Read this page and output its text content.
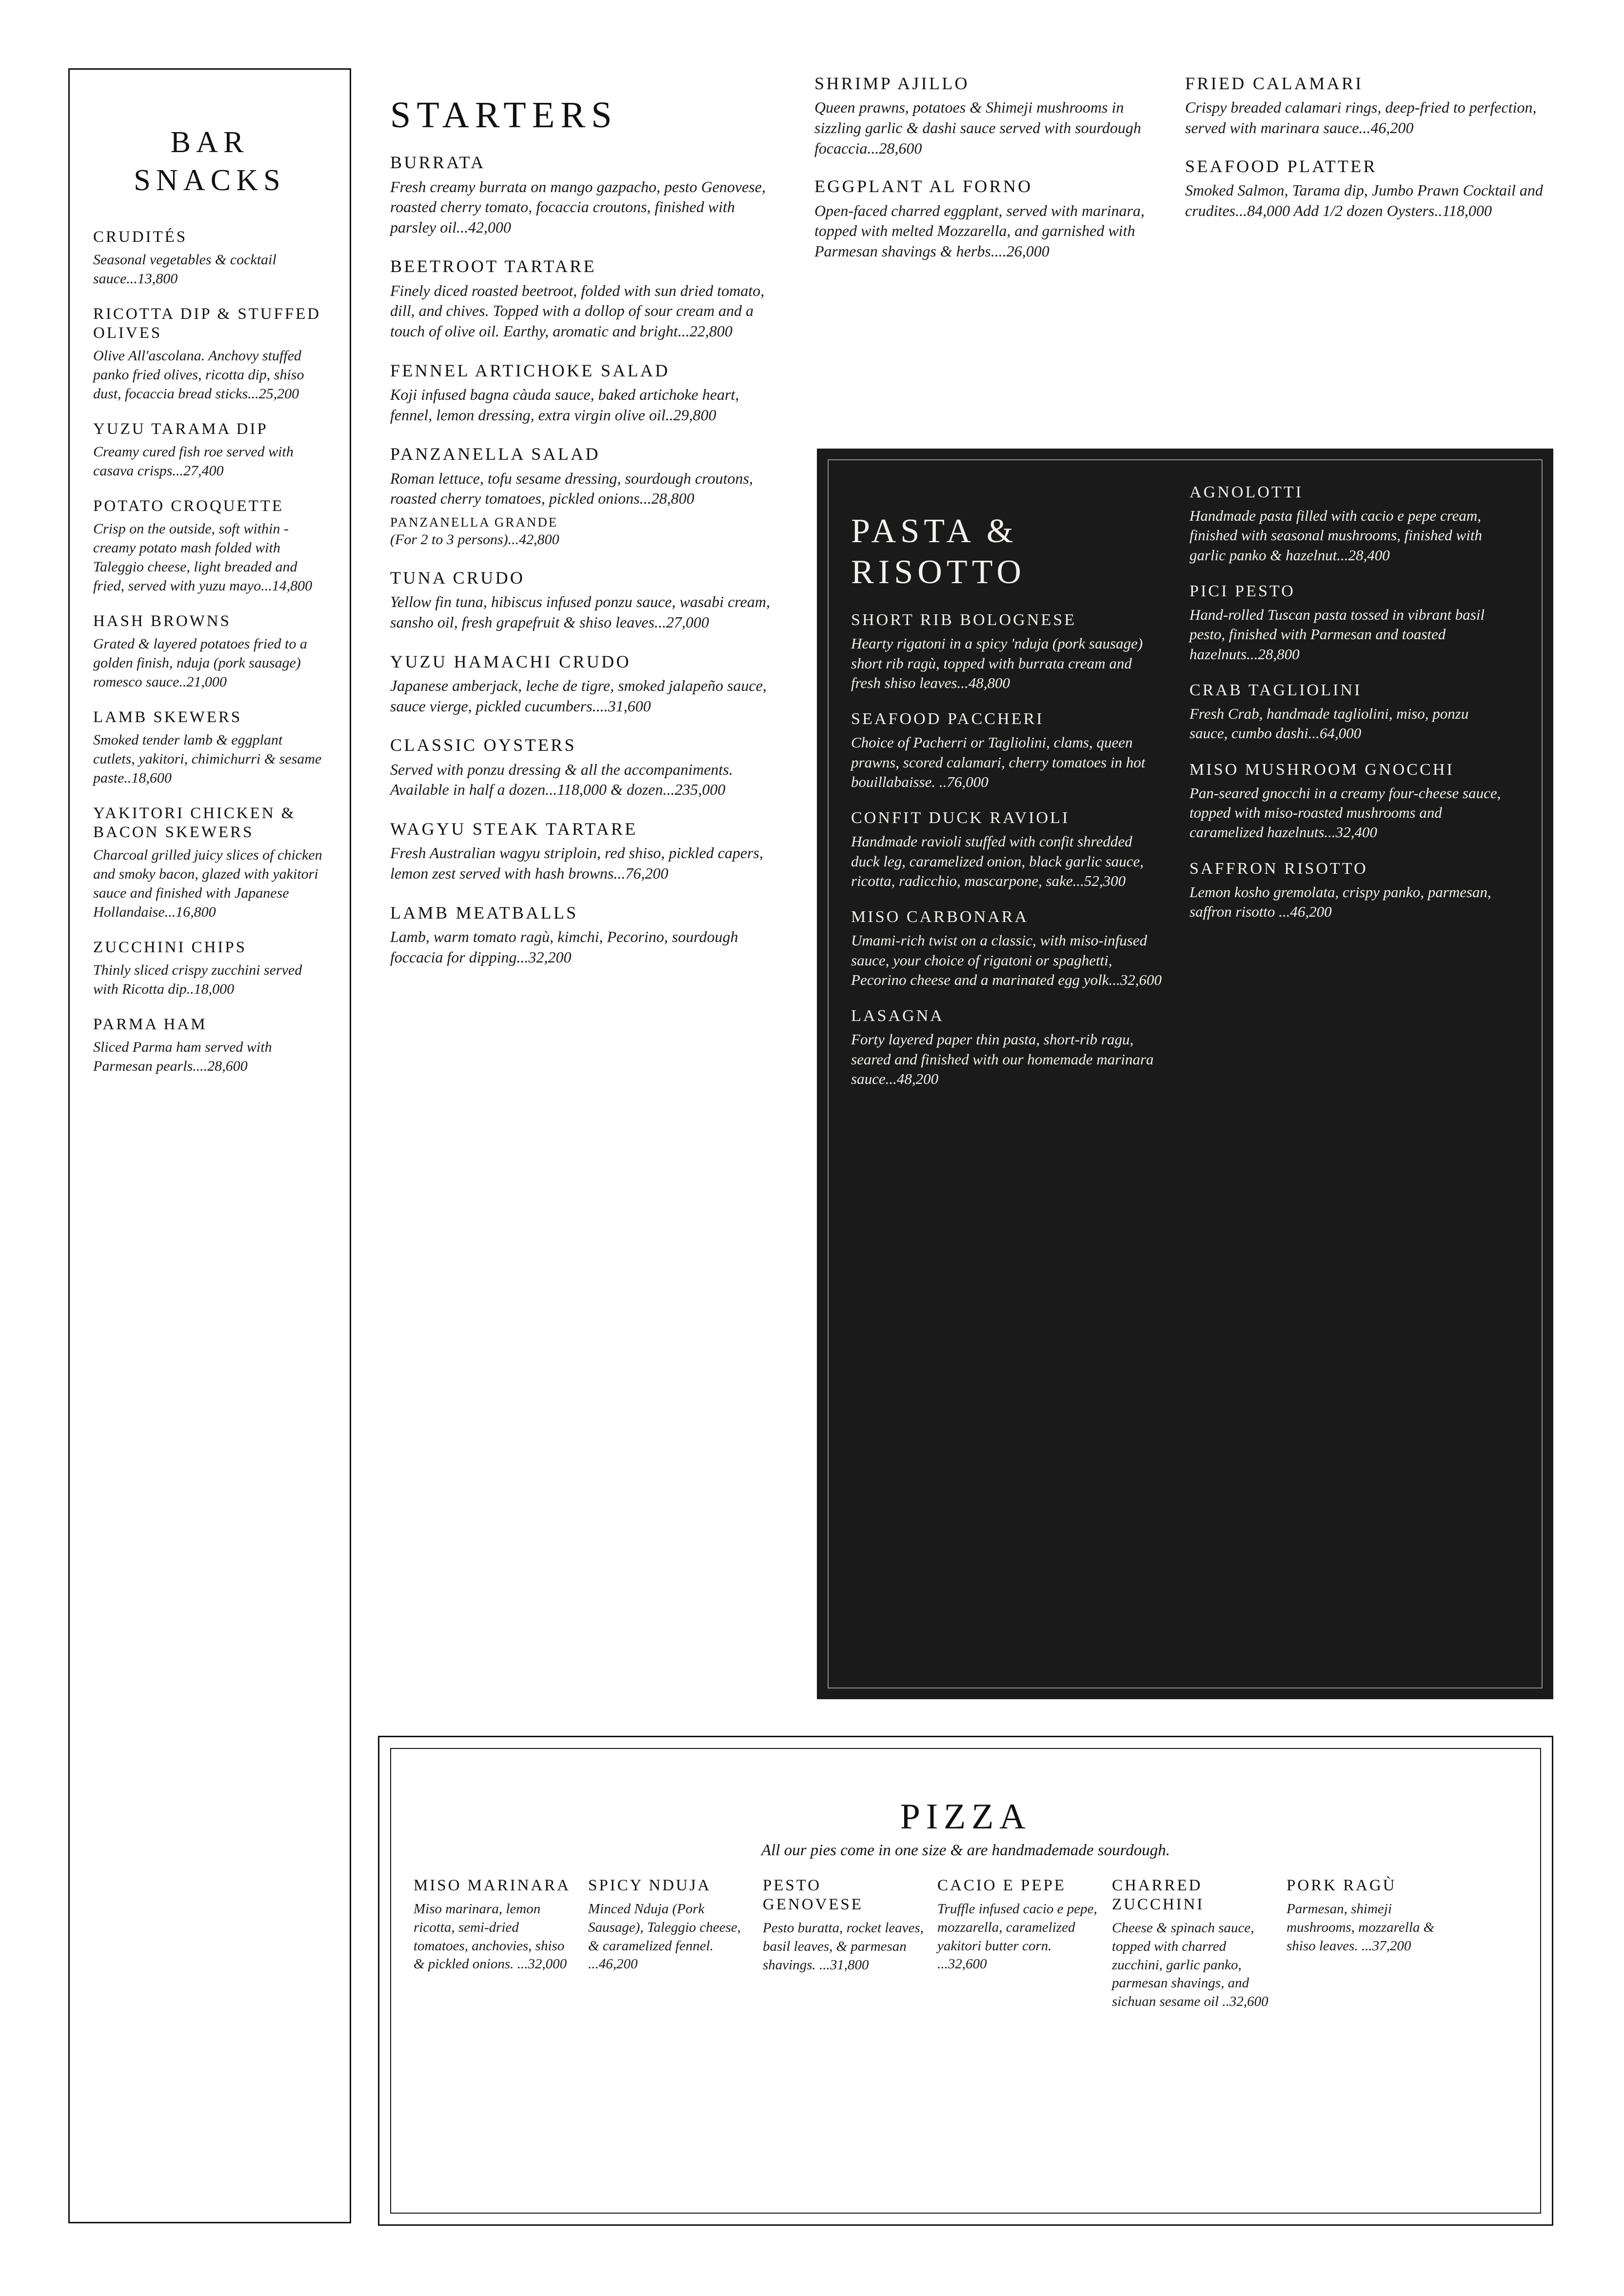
BAR SNACKS
CRUDITÉS
Seasonal vegetables & cocktail sauce...13,800
RICOTTA DIP & STUFFED OLIVES
Olive All'ascolana. Anchovy stuffed panko fried olives, ricotta dip, shiso dust, focaccia bread sticks...25,200
YUZU TARAMA DIP
Creamy cured fish roe served with casava crisps...27,400
POTATO CROQUETTE
Crisp on the outside, soft within - creamy potato mash folded with Taleggio cheese, light breaded and fried, served with yuzu mayo...14,800
HASH BROWNS
Grated & layered potatoes fried to a golden finish, nduja (pork sausage) romesco sauce..21,000
LAMB SKEWERS
Smoked tender lamb & eggplant cutlets, yakitori, chimichurri & sesame paste..18,600
YAKITORI CHICKEN & BACON SKEWERS
Charcoal grilled juicy slices of chicken and smoky bacon, glazed with yakitori sauce and finished with Japanese Hollandaise...16,800
ZUCCHINI CHIPS
Thinly sliced crispy zucchini served with Ricotta dip..18,000
PARMA HAM
Sliced Parma ham served with Parmesan pearls....28,600
STARTERS
BURRATA
Fresh creamy burrata on mango gazpacho, pesto Genovese, roasted cherry tomato, focaccia croutons, finished with parsley oil...42,000
BEETROOT TARTARE
Finely diced roasted beetroot, folded with sun dried tomato, dill, and chives. Topped with a dollop of sour cream and a touch of olive oil. Earthy, aromatic and bright...22,800
FENNEL ARTICHOKE SALAD
Koji infused bagna càuda sauce, baked artichoke heart, fennel, lemon dressing, extra virgin olive oil..29,800
PANZANELLA SALAD
Roman lettuce, tofu sesame dressing, sourdough croutons, roasted cherry tomatoes, pickled onions...28,800
PANZANELLA GRANDE
(For 2 to 3 persons)...42,800
TUNA CRUDO
Yellow fin tuna, hibiscus infused ponzu sauce, wasabi cream, sansho oil, fresh grapefruit & shiso leaves...27,000
YUZU HAMACHI CRUDO
Japanese amberjack, leche de tigre, smoked jalapeño sauce, sauce vierge, pickled cucumbers....31,600
CLASSIC OYSTERS
Served with ponzu dressing & all the accompaniments. Available in half a dozen...118,000 & dozen...235,000
WAGYU STEAK TARTARE
Fresh Australian wagyu striploin, red shiso, pickled capers, lemon zest served with hash browns...76,200
LAMB MEATBALLS
Lamb, warm tomato ragù, kimchi, Pecorino, sourdough foccacia for dipping...32,200
SHRIMP AJILLO
Queen prawns, potatoes & Shimeji mushrooms in sizzling garlic & dashi sauce served with sourdough focaccia...28,600
EGGPLANT AL FORNO
Open-faced charred eggplant, served with marinara, topped with melted Mozzarella, and garnished with Parmesan shavings & herbs....26,000
FRIED CALAMARI
Crispy breaded calamari rings, deep-fried to perfection, served with marinara sauce...46,200
SEAFOOD PLATTER
Smoked Salmon, Tarama dip, Jumbo Prawn Cocktail and crudites...84,000 Add 1/2 dozen Oysters..118,000
PASTA & RISOTTO
SHORT RIB BOLOGNESE
Hearty rigatoni in a spicy 'nduja (pork sausage) short rib ragù, topped with burrata cream and fresh shiso leaves...48,800
SEAFOOD PACCHERI
Choice of Pacherri or Tagliolini, clams, queen prawns, scored calamari, cherry tomatoes in hot bouillabaisse. ..76,000
CONFIT DUCK RAVIOLI
Handmade ravioli stuffed with confit shredded duck leg, caramelized onion, black garlic sauce, ricotta, radicchio, mascarpone, sake...52,300
MISO CARBONARA
Umami-rich twist on a classic, with miso-infused sauce, your choice of rigatoni or spaghetti, Pecorino cheese and a marinated egg yolk...32,600
LASAGNA
Forty layered paper thin pasta, short-rib ragu, seared and finished with our homemade marinara sauce...48,200
AGNOLOTTI
Handmade pasta filled with cacio e pepe cream, finished with seasonal mushrooms, finished with garlic panko & hazelnut...28,400
PICI PESTO
Hand-rolled Tuscan pasta tossed in vibrant basil pesto, finished with Parmesan and toasted hazelnuts...28,800
CRAB TAGLIOLINI
Fresh Crab, handmade tagliolini, miso, ponzu sauce, cumbo dashi...64,000
MISO MUSHROOM GNOCCHI
Pan-seared gnocchi in a creamy four-cheese sauce, topped with miso-roasted mushrooms and caramelized hazelnuts...32,400
SAFFRON RISOTTO
Lemon kosho gremolata, crispy panko, parmesan, saffron risotto ...46,200
PIZZA
All our pies come in one size & are handmademade sourdough.
MISO MARINARA
Miso marinara, lemon ricotta, semi-dried tomatoes, anchovies, shiso & pickled onions. ...32,000
SPICY NDUJA
Minced Nduja (Pork Sausage), Taleggio cheese, & caramelized fennel. ...46,200
PESTO GENOVESE
Pesto buratta, rocket leaves, basil leaves, & parmesan shavings. ...31,800
CACIO E PEPE
Truffle infused cacio e pepe, mozzarella, caramelized yakitori butter corn. ...32,600
CHARRED ZUCCHINI
Cheese & spinach sauce, topped with charred zucchini, garlic panko, parmesan shavings, and sichuan sesame oil ..32,600
PORK RAGÙ
Parmesan, shimeji mushrooms, mozzarella & shiso leaves. ...37,200
